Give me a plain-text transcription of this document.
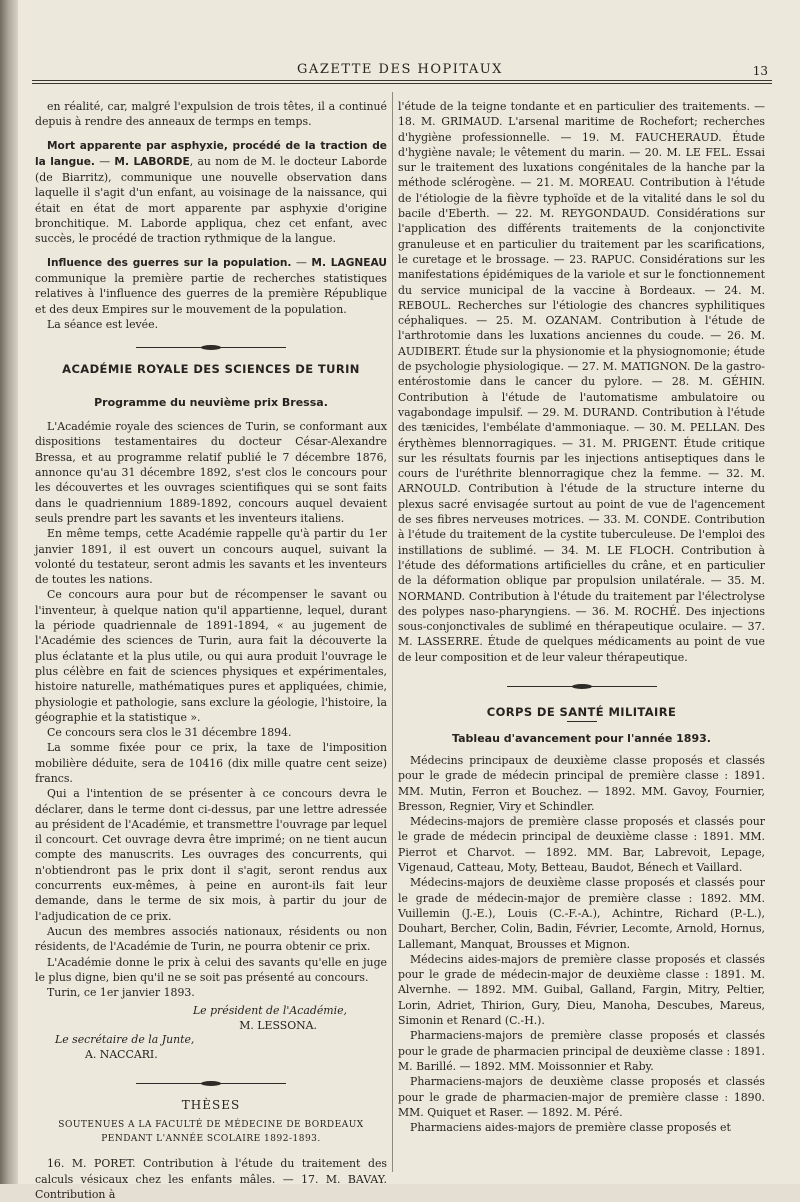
GAZETTE DES HOPITAUX	13

en réalité, car, malgré l'expulsion de trois têtes, il a continué depuis à rendre des anneaux de termps en temps.

Mort apparente par asphyxie, procédé de la traction de la langue. — M. LABORDE, au nom de M. le docteur Laborde (de Biarritz), communique une nouvelle observation dans laquelle il s'agit d'un enfant, au voisinage de la naissance, qui était en état de mort apparente par asphyxie d'origine bronchitique. M. Laborde appliqua, chez cet enfant, avec succès, le procédé de traction rythmique de la langue.

Influence des guerres sur la population. — M. LAGNEAU communique la première partie de recherches statistiques relatives à l'influence des guerres de la première République et des deux Empires sur le mouvement de la population.

La séance est levée.

ACADÉMIE ROYALE DES SCIENCES DE TURIN
Programme du neuvième prix Bressa.

L'Académie royale des sciences de Turin, se conformant aux dispositions testamentaires du docteur César-Alexandre Bressa, et au programme relatif publié le 7 décembre 1876, annonce qu'au 31 décembre 1892, s'est clos le concours pour les découvertes et les ouvrages scientifiques qui se sont faits dans le quadriennium 1889-1892, concours auquel devaient seuls prendre part les savants et les inventeurs italiens.

En même temps, cette Académie rappelle qu'à partir du 1er janvier 1891, il est ouvert un concours auquel, suivant la volonté du testateur, seront admis les savants et les inventeurs de toutes les nations.

Ce concours aura pour but de récompenser le savant ou l'inventeur, à quelque nation qu'il appartienne, lequel, durant la période quadriennale de 1891-1894, « au jugement de l'Académie des sciences de Turin, aura fait la découverte la plus éclatante et la plus utile, ou qui aura produit l'ouvrage le plus célèbre en fait de sciences physiques et expérimentales, histoire naturelle, mathématiques pures et appliquées, chimie, physiologie et pathologie, sans exclure la géologie, l'histoire, la géographie et la statistique ».

Ce concours sera clos le 31 décembre 1894.

La somme fixée pour ce prix, la taxe de l'imposition mobilière déduite, sera de 10416 (dix mille quatre cent seize) francs.

Qui a l'intention de se présenter à ce concours devra le déclarer, dans le terme dont ci-dessus, par une lettre adressée au président de l'Académie, et transmettre l'ouvrage par lequel il concourt. Cet ouvrage devra être imprimé; on ne tient aucun compte des manuscrits. Les ouvrages des concurrents, qui n'obtiendront pas le prix dont il s'agit, seront rendus aux concurrents eux-mêmes, à peine en auront-ils fait leur demande, dans le terme de six mois, à partir du jour de l'adjudication de ce prix.

Aucun des membres associés nationaux, résidents ou non résidents, de l'Académie de Turin, ne pourra obtenir ce prix.

L'Académie donne le prix à celui des savants qu'elle en juge le plus digne, bien qu'il ne se soit pas présenté au concours.

Turin, ce 1er janvier 1893.

Le président de l'Académie,
M. LESSONA.
Le secrétaire de la Junte,
A. NACCARI.
THÈSES
SOUTENUES A LA FACULTÉ DE MÉDECINE DE BORDEAUX
PENDANT L'ANNÉE SCOLAIRE 1892-1893.

16. M. PORET. Contribution à l'étude du traitement des calculs vésicaux chez les enfants mâles. — 17. M. BAVAY. Contribution à

l'étude de la teigne tondante et en particulier des traitements. — 18. M. GRIMAUD. L'arsenal maritime de Rochefort; recherches d'hygiène professionnelle. — 19. M. FAUCHERAUD. Étude d'hygiène navale; le vêtement du marin. — 20. M. LE FEL. Essai sur le traitement des luxations congénitales de la hanche par la méthode sclérogène. — 21. M. MOREAU. Contribution à l'étude de l'étiologie de la fièvre typhoïde et de la vitalité dans le sol du bacile d'Eberth. — 22. M. REYGONDAUD. Considérations sur l'application des différents traitements de la conjonctivite granuleuse et en particulier du traitement par les scarifications, le curetage et le brossage. — 23. RAPUC. Considérations sur les manifestations épidémiques de la variole et sur le fonctionnement du service municipal de la vaccine à Bordeaux. — 24. M. REBOUL. Recherches sur l'étiologie des chancres syphilitiques céphaliques. — 25. M. OZANAM. Contribution à l'étude de l'arthrotomie dans les luxations anciennes du coude. — 26. M. AUDIBERT. Étude sur la physionomie et la physiognomonie; étude de psychologie physiologique. — 27. M. MATIGNON. De la gastro-entérostomie dans le cancer du pylore. — 28. M. GÉHIN. Contribution à l'étude de l'automatisme ambulatoire ou vagabondage impulsif. — 29. M. DURAND. Contribution à l'étude des tænicides, l'embélate d'ammoniaque. — 30. M. PELLAN. Des érythèmes blennorragiques. — 31. M. PRIGENT. Étude critique sur les résultats fournis par les injections antiseptiques dans le cours de l'uréthrite blennorragique chez la femme. — 32. M. ARNOULD. Contribution à l'étude de la structure interne du plexus sacré envisagée surtout au point de vue de l'agencement de ses fibres nerveuses motrices. — 33. M. CONDE. Contribution à l'étude du traitement de la cystite tuberculeuse. De l'emploi des instillations de sublimé. — 34. M. LE FLOCH. Contribution à l'étude des déformations artificielles du crâne, et en particulier de la déformation oblique par propulsion unilatérale. — 35. M. NORMAND. Contribution à l'étude du traitement par l'électrolyse des polypes naso-pharyngiens. — 36. M. ROCHÉ. Des injections sous-conjonctivales de sublimé en thérapeutique oculaire. — 37. M. LASSERRE. Étude de quelques médicaments au point de vue de leur composition et de leur valeur thérapeutique.

CORPS DE SANTÉ MILITAIRE
Tableau d'avancement pour l'année 1893.

Médecins principaux de deuxième classe proposés et classés pour le grade de médecin principal de première classe : 1891. MM. Mutin, Ferron et Bouchez. — 1892. MM. Gavoy, Fournier, Bresson, Regnier, Viry et Schindler.

Médecins-majors de première classe proposés et classés pour le grade de médecin principal de deuxième classe : 1891. MM. Pierrot et Charvot. — 1892. MM. Bar, Labrevoit, Lepage, Vigenaud, Catteau, Moty, Betteau, Baudot, Bénech et Vaillard.

Médecins-majors de deuxième classe proposés et classés pour le grade de médecin-major de première classe : 1892. MM. Vuillemin (J.-E.), Louis (C.-F.-A.), Achintre, Richard (P.-L.), Douhart, Bercher, Colin, Badin, Février, Lecomte, Arnold, Hornus, Lallemant, Manquat, Brousses et Mignon.

Médecins aides-majors de première classe proposés et classés pour le grade de médecin-major de deuxième classe : 1891. M. Alvernhe. — 1892. MM. Guibal, Galland, Fargin, Mitry, Peltier, Lorin, Adriet, Thirion, Gury, Dieu, Manoha, Descubes, Mareus, Simonin et Renard (C.-H.).

Pharmaciens-majors de première classe proposés et classés pour le grade de pharmacien principal de deuxième classe : 1891. M. Barillé. — 1892. MM. Moissonnier et Raby.

Pharmaciens-majors de deuxième classe proposés et classés pour le grade de pharmacien-major de première classe : 1890. MM. Quiquet et Raser. — 1892. M. Péré.

Pharmaciens aides-majors de première classe proposés et
